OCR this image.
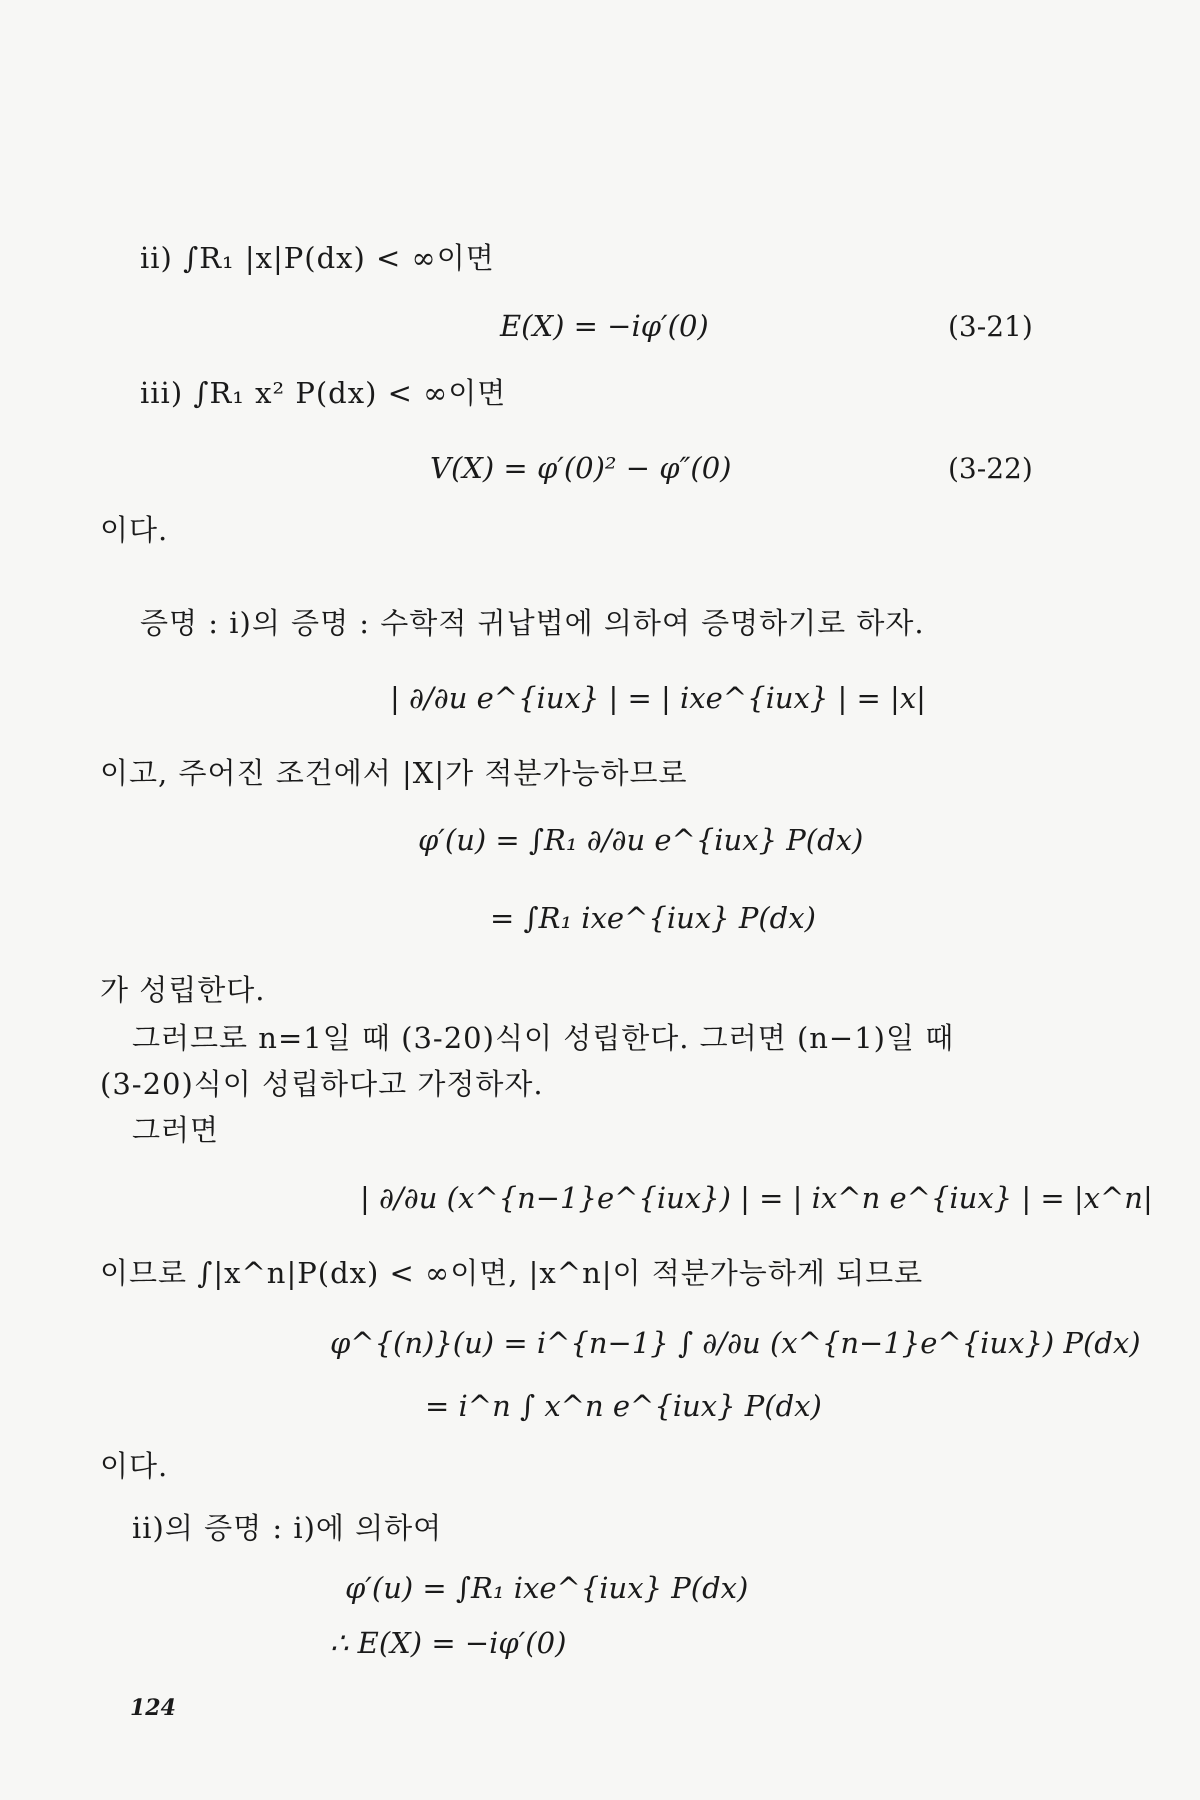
ii) ∫R₁ |x|P(dx) < ∞이면
E(X) = −iφ′(0)	(3-21)
iii) ∫R₁ x² P(dx) < ∞이면
V(X) = φ′(0)² − φ″(0)	(3-22)
이다.
증명 : i)의 증명 : 수학적 귀납법에 의하여 증명하기로 하자.
| ∂/∂u e^{iux} | = | ixe^{iux} | = |x|
이고, 주어진 조건에서 |X|가 적분가능하므로
φ′(u) = ∫R₁ ∂/∂u e^{iux} P(dx)
= ∫R₁ ixe^{iux} P(dx)
가 성립한다.
그러므로 n=1일 때 (3-20)식이 성립한다. 그러면 (n−1)일 때
(3-20)식이 성립하다고 가정하자.
그러면
| ∂/∂u (x^{n−1}e^{iux}) | = | ix^n e^{iux} | = |x^n|
이므로 ∫|x^n|P(dx) < ∞이면, |x^n|이 적분가능하게 되므로
φ^{(n)}(u) = i^{n−1} ∫ ∂/∂u (x^{n−1}e^{iux}) P(dx)
= i^n ∫ x^n e^{iux} P(dx)
이다.
ii)의 증명 : i)에 의하여
φ′(u) = ∫R₁ ixe^{iux} P(dx)
∴ E(X) = −iφ′(0)
124
